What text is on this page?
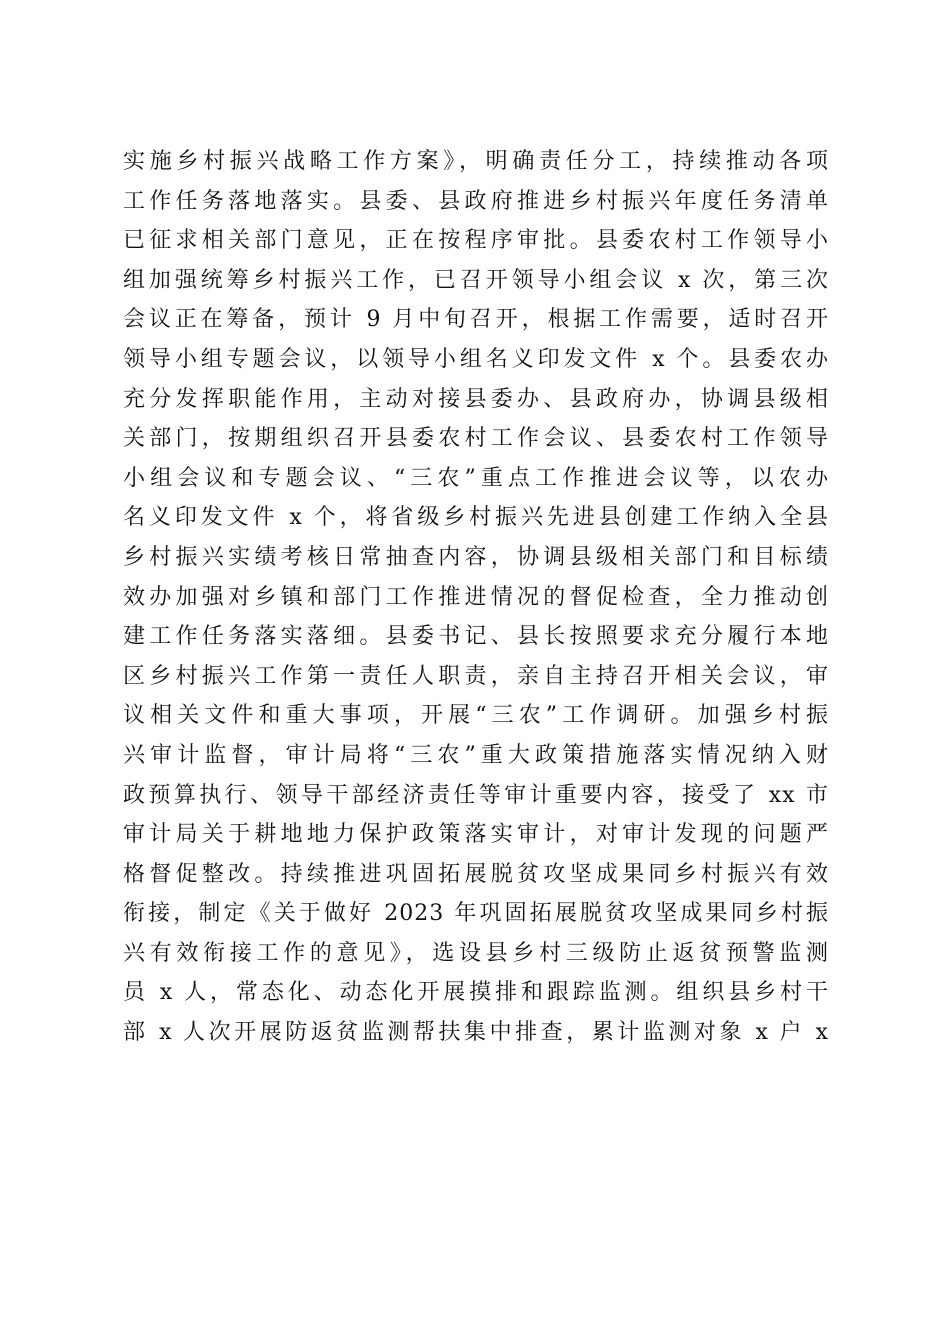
实施乡村振兴战略工作方案》，明确责任分工，持续推动各项
工作任务落地落实。县委、县政府推进乡村振兴年度任务清单
已征求相关部门意见，正在按程序审批。县委农村工作领导小
组加强统筹乡村振兴工作，已召开领导小组会议 x 次，第三次
会议正在筹备，预计 9 月中旬召开，根据工作需要，适时召开
领导小组专题会议，以领导小组名义印发文件 x 个。县委农办
充分发挥职能作用，主动对接县委办、县政府办，协调县级相
关部门，按期组织召开县委农村工作会议、县委农村工作领导
小组会议和专题会议、“三农”重点工作推进会议等，以农办
名义印发文件 x 个，将省级乡村振兴先进县创建工作纳入全县
乡村振兴实绩考核日常抽查内容，协调县级相关部门和目标绩
效办加强对乡镇和部门工作推进情况的督促检查，全力推动创
建工作任务落实落细。县委书记、县长按照要求充分履行本地
区乡村振兴工作第一责任人职责，亲自主持召开相关会议，审
议相关文件和重大事项，开展“三农”工作调研。加强乡村振
兴审计监督，审计局将“三农”重大政策措施落实情况纳入财
政预算执行、领导干部经济责任等审计重要内容，接受了 xx 市
审计局关于耕地地力保护政策落实审计，对审计发现的问题严
格督促整改。持续推进巩固拓展脱贫攻坚成果同乡村振兴有效
衔接，制定《关于做好 2023 年巩固拓展脱贫攻坚成果同乡村振
兴有效衔接工作的意见》，选设县乡村三级防止返贫预警监测
员 x 人，常态化、动态化开展摸排和跟踪监测。组织县乡村干
部 x 人次开展防返贫监测帮扶集中排查，累计监测对象 x 户 x
